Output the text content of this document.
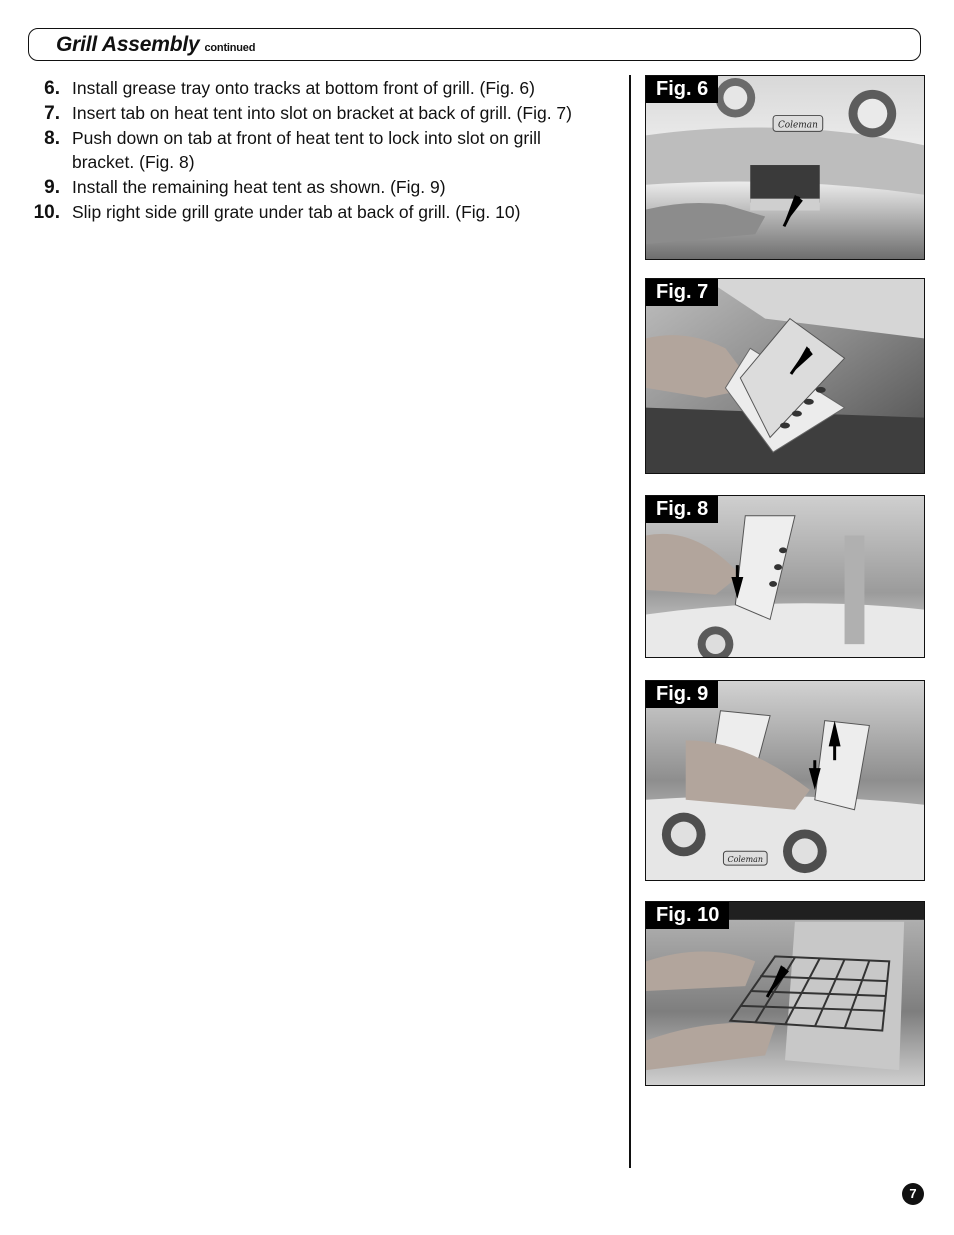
Grill Assembly continued
6. Install grease tray onto tracks at bottom front of grill. (Fig. 6)
7. Insert tab on heat tent into slot on bracket at back of grill. (Fig. 7)
8. Push down on tab at front of heat tent to lock into slot on grill bracket. (Fig. 8)
9. Install the remaining heat tent as shown. (Fig. 9)
10. Slip right side grill grate under tab at back of grill. (Fig. 10)
Coleman
Fig. 6
Fig. 7
Fig. 8
Coleman
Fig. 9
Fig. 10
7
